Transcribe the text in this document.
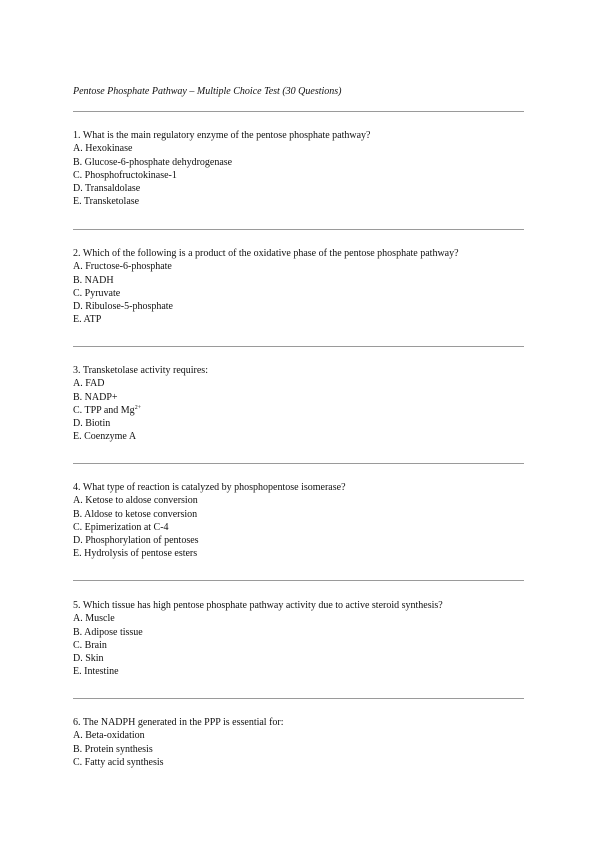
Pentose Phosphate Pathway – Multiple Choice Test (30 Questions)
1. What is the main regulatory enzyme of the pentose phosphate pathway?
A. Hexokinase
B. Glucose-6-phosphate dehydrogenase
C. Phosphofructokinase-1
D. Transaldolase
E. Transketolase
2. Which of the following is a product of the oxidative phase of the pentose phosphate pathway?
A. Fructose-6-phosphate
B. NADH
C. Pyruvate
D. Ribulose-5-phosphate
E. ATP
3. Transketolase activity requires:
A. FAD
B. NADP+
C. TPP and $Mg^{2+}$
D. Biotin
E. Coenzyme A
4. What type of reaction is catalyzed by phosphopentose isomerase?
A. Ketose to aldose conversion
B. Aldose to ketose conversion
C. Epimerization at C-4
D. Phosphorylation of pentoses
E. Hydrolysis of pentose esters
5. Which tissue has high pentose phosphate pathway activity due to active steroid synthesis?
A. Muscle
B. Adipose tissue
C. Brain
D. Skin
E. Intestine
6. The NADPH generated in the PPP is essential for:
A. Beta-oxidation
B. Protein synthesis
C. Fatty acid synthesis
